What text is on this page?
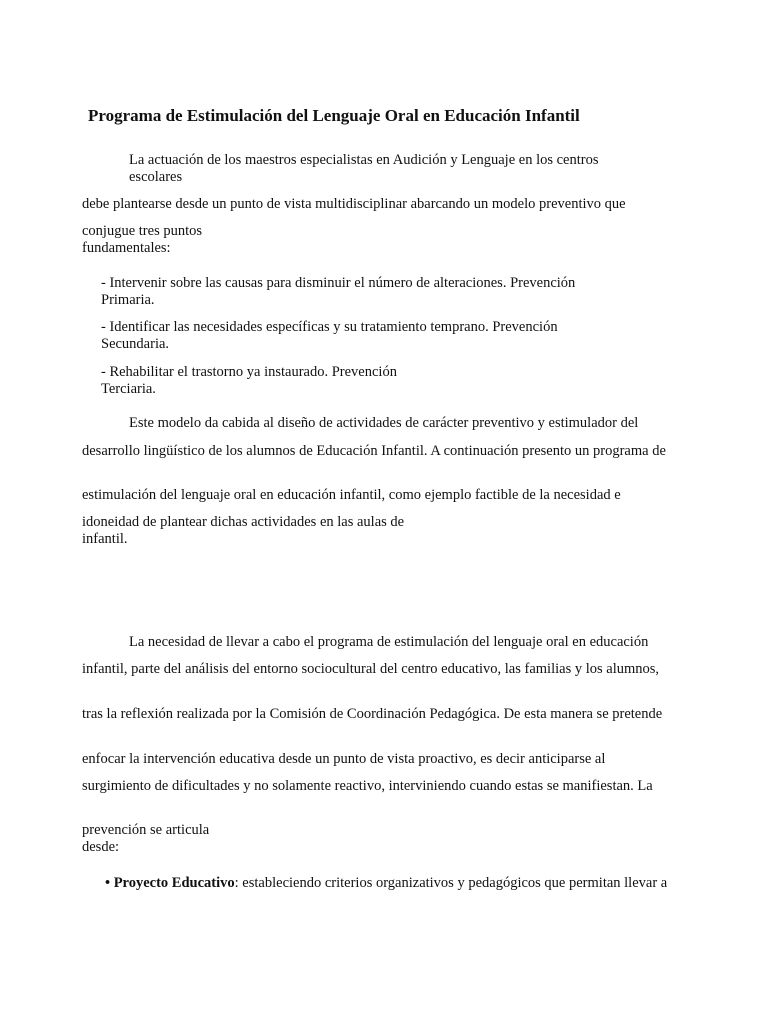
Programa de Estimulación del Lenguaje Oral en Educación Infantil
La actuación de los maestros especialistas en Audición y Lenguaje en los centros escolares
debe plantearse desde un punto de vista multidisciplinar abarcando un modelo preventivo que
conjugue tres puntos fundamentales:
- Intervenir sobre las causas para disminuir el número de alteraciones. Prevención Primaria.
- Identificar las necesidades específicas y su tratamiento temprano. Prevención Secundaria.
- Rehabilitar el trastorno ya instaurado. Prevención Terciaria.
Este modelo da cabida al diseño de actividades de carácter preventivo y estimulador del
desarrollo lingüístico de los alumnos de Educación Infantil. A continuación presento un programa de
estimulación del lenguaje oral en educación infantil, como ejemplo factible de la necesidad e
idoneidad de plantear dichas actividades en las aulas de infantil.
La necesidad de llevar a cabo el programa de estimulación del lenguaje oral en educación
infantil, parte del análisis del entorno sociocultural del centro educativo, las familias y los alumnos,
tras la reflexión realizada por la Comisión de Coordinación Pedagógica. De esta manera se pretende
enfocar la intervención educativa desde un punto de vista proactivo, es decir anticiparse al
surgimiento de dificultades y no solamente reactivo, interviniendo cuando estas se manifiestan. La
prevención se articula desde:
• Proyecto Educativo: estableciendo criterios organizativos y pedagógicos que permitan llevar a
